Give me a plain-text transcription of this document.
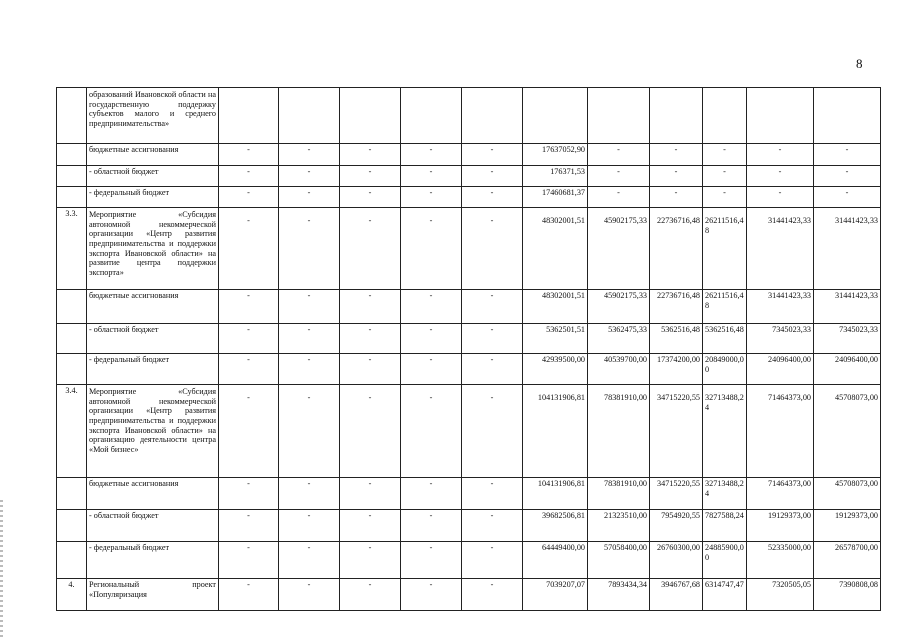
8
	образований Ивановской области на государственную поддержку субъектов малого и среднего предпринимательства»											
	бюджетные ассигнования	-	-	-	-	-	17637052,90	-	-	-	-	-
	- областной бюджет	-	-	-	-	-	176371,53	-	-	-	-	-
	- федеральный бюджет	-	-	-	-	-	17460681,37	-	-	-	-	-
3.3.	Мероприятие «Субсидия автономной некоммерческой организации «Центр развития предпринимательства и поддержки экспорта Ивановской области» на развитие центра поддержки экспорта»	-	-	-	-	-	48302001,51	45902175,33	22736716,48	26211516,48	31441423,33	31441423,33
	бюджетные ассигнования	-	-	-	-	-	48302001,51	45902175,33	22736716,48	26211516,48	31441423,33	31441423,33
	- областной бюджет	-	-	-	-	-	5362501,51	5362475,33	5362516,48	5362516,48	7345023,33	7345023,33
	- федеральный бюджет	-	-	-	-	-	42939500,00	40539700,00	17374200,00	20849000,00	24096400,00	24096400,00
3.4.	Мероприятие «Субсидия автономной некоммерческой организации «Центр развития предпринимательства и поддержки экспорта Ивановской области» на организацию деятельности центра «Мой бизнес»	-	-	-	-	-	104131906,81	78381910,00	34715220,55	32713488,24	71464373,00	45708073,00
	бюджетные ассигнования	-	-	-	-	-	104131906,81	78381910,00	34715220,55	32713488,24	71464373,00	45708073,00
	- областной бюджет	-	-	-	-	-	39682506,81	21323510,00	7954920,55	7827588,24	19129373,00	19129373,00
	- федеральный бюджет	-	-	-	-	-	64449400,00	57058400,00	26760300,00	24885900,00	52335000,00	26578700,00
4.	Региональный проект «Популяризация	-	-	-	-	-	7039207,07	7893434,34	3946767,68	6314747,47	7320505,05	7390808,08
